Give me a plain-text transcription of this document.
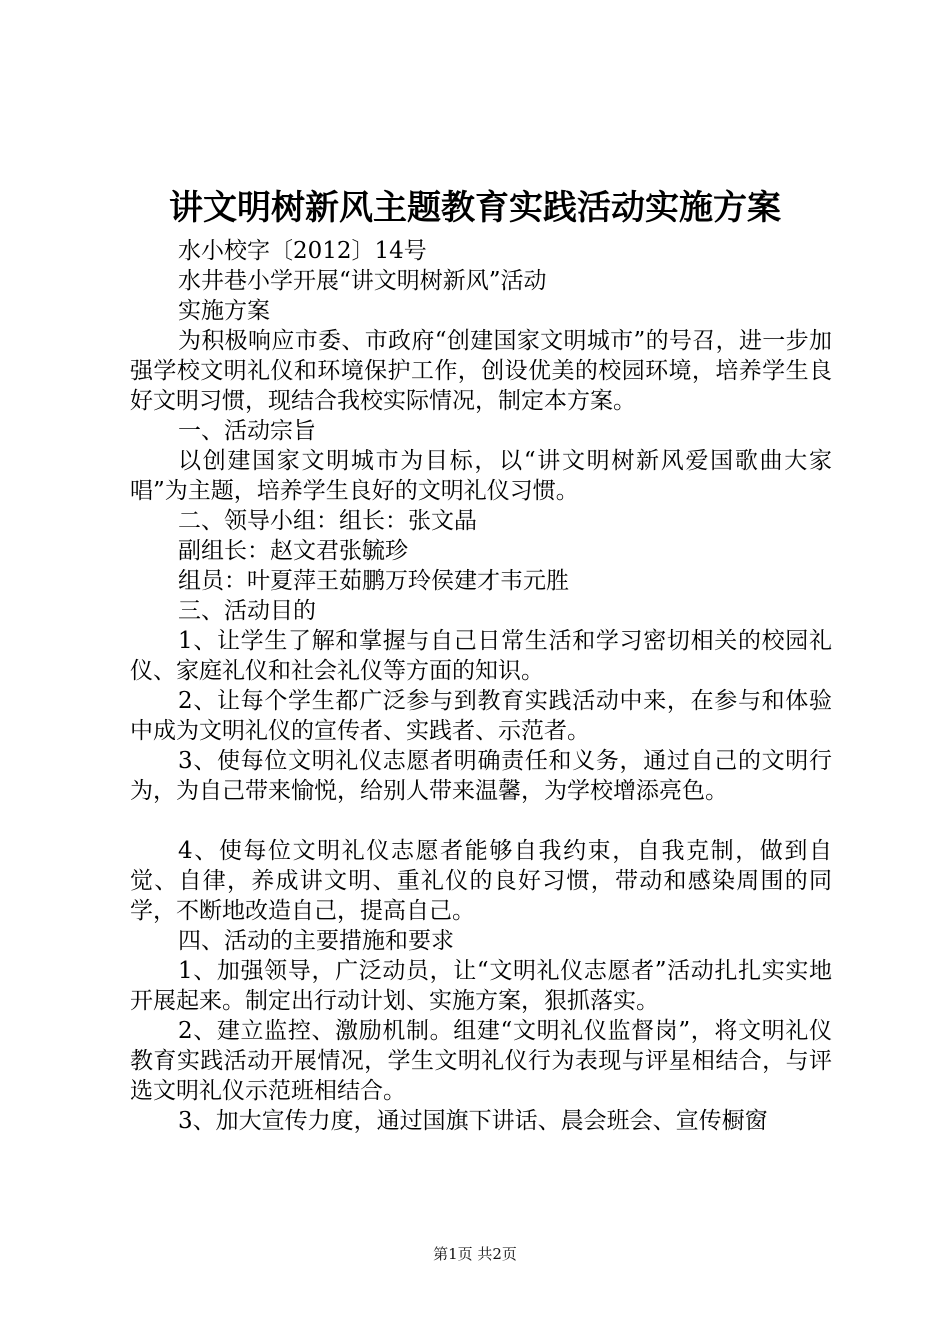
讲文明树新风主题教育实践活动实施方案

水小校字〔2012〕14号

水井巷小学开展“讲文明树新风”活动

实施方案

为积极响应市委、市政府“创建国家文明城市”的号召，进一步加强学校文明礼仪和环境保护工作，创设优美的校园环境，培养学生良好文明习惯，现结合我校实际情况，制定本方案。

一、活动宗旨

以创建国家文明城市为目标，以“讲文明树新风爱国歌曲大家唱”为主题，培养学生良好的文明礼仪习惯。

二、领导小组：组长：张文晶

副组长：赵文君张毓珍

组员：叶夏萍王茹鹏万玲侯建才韦元胜

三、活动目的

1、让学生了解和掌握与自己日常生活和学习密切相关的校园礼仪、家庭礼仪和社会礼仪等方面的知识。

2、让每个学生都广泛参与到教育实践活动中来，在参与和体验中成为文明礼仪的宣传者、实践者、示范者。

3、使每位文明礼仪志愿者明确责任和义务，通过自己的文明行为，为自己带来愉悦，给别人带来温馨，为学校增添亮色。

4、使每位文明礼仪志愿者能够自我约束，自我克制，做到自觉、自律，养成讲文明、重礼仪的良好习惯，带动和感染周围的同学，不断地改造自己，提高自己。

四、活动的主要措施和要求

1、加强领导，广泛动员，让“文明礼仪志愿者”活动扎扎实实地开展起来。制定出行动计划、实施方案，狠抓落实。

2、建立监控、激励机制。组建“文明礼仪监督岗”，将文明礼仪教育实践活动开展情况，学生文明礼仪行为表现与评星相结合，与评选文明礼仪示范班相结合。

3、加大宣传力度，通过国旗下讲话、晨会班会、宣传橱窗

第1页 共2页
